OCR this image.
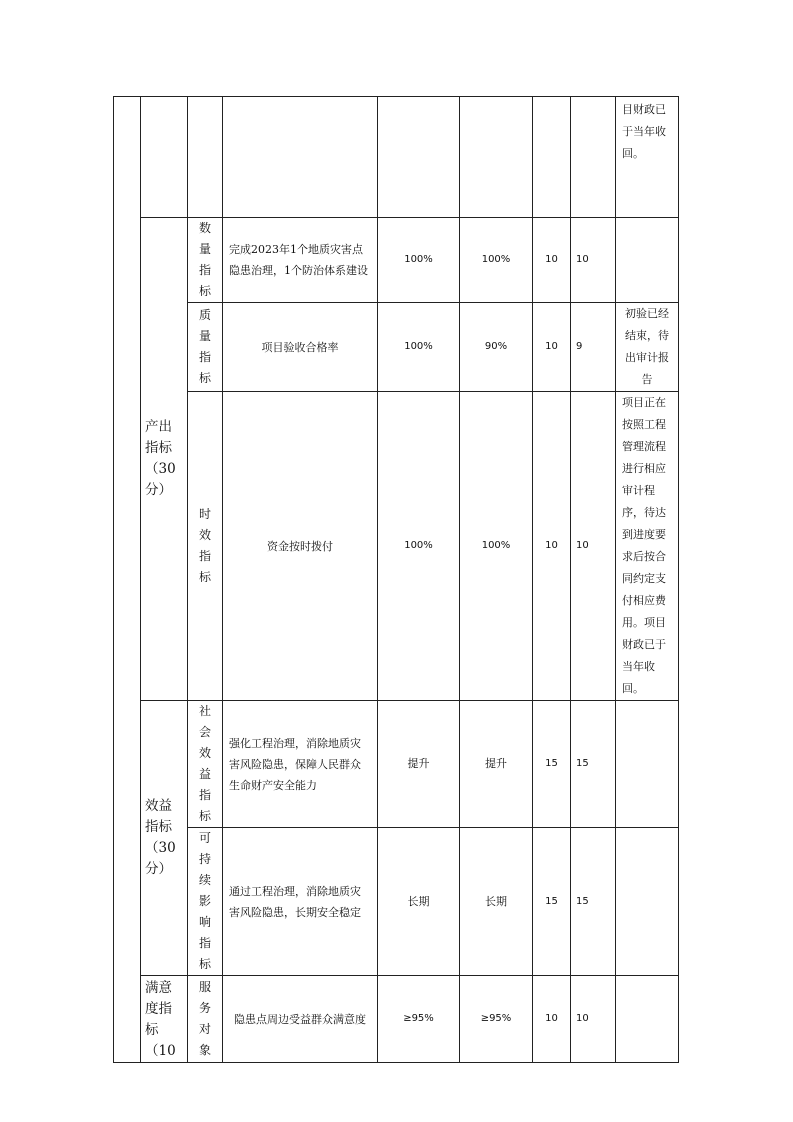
								目财政已于当年收回。
	产出指标（30分）	数量指标	完成2023年1个地质灾害点隐患治理，1个防治体系建设	100%	100%	10	10	

		质量指标	项目验收合格率	100%	90%	10	9	初验已经结束，待出审计报告

		时效指标	资金按时拨付	100%	100%	10	10	项目正在按照工程管理流程进行相应审计程序，待达到进度要求后按合同约定支付相应费用。项目财政已于当年收回。
	效益指标（30分）	社会效益指标	强化工程治理，消除地质灾害风险隐患，保障人民群众生命财产安全能力	提升	提升	15	15	

		可持续影响指标	通过工程治理，消除地质灾害风险隐患，长期安全稳定	长期	长期	15	15	
	满意度指标（10	服务对象	隐患点周边受益群众满意度	≥95%	≥95%	10	10	
